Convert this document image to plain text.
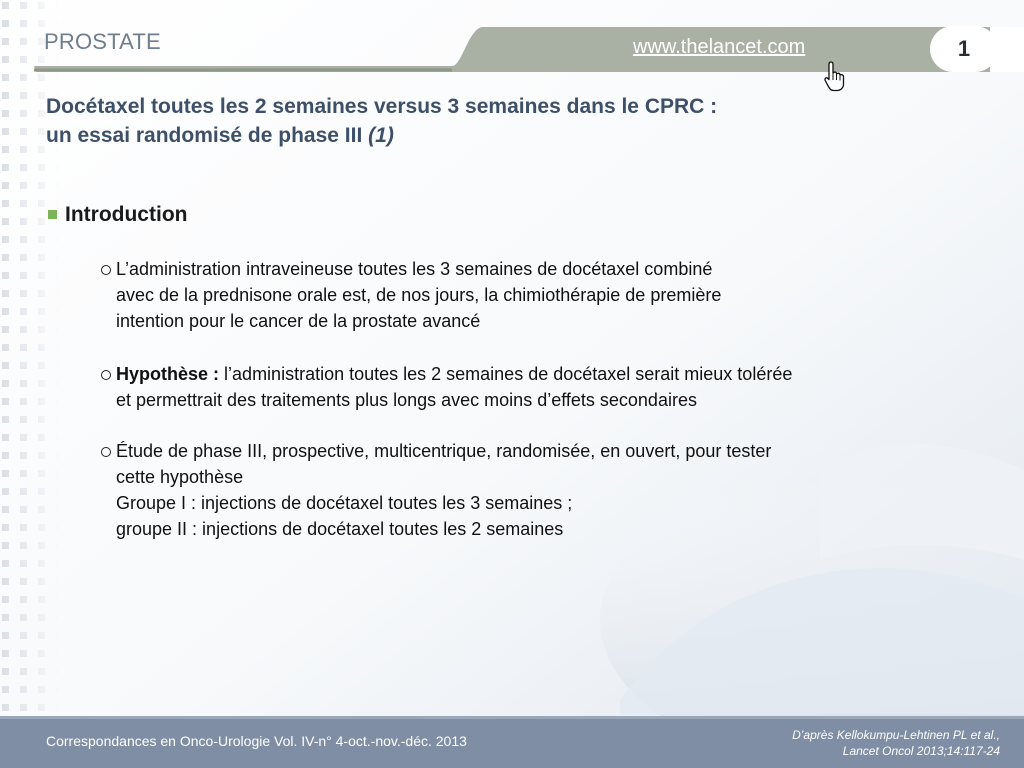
PROSTATE	www.thelancet.com	1
Docétaxel toutes les 2 semaines versus 3 semaines dans le CPRC :
un essai randomisé de phase III (1)
Introduction
L’administration intraveineuse toutes les 3 semaines de docétaxel combiné
avec de la prednisone orale est, de nos jours, la chimiothérapie de première
intention pour le cancer de la prostate avancé
Hypothèse : l’administration toutes les 2 semaines de docétaxel serait mieux tolérée
et permettrait des traitements plus longs avec moins d’effets secondaires
Étude de phase III, prospective, multicentrique, randomisée, en ouvert, pour tester
cette hypothèse
Groupe I : injections de docétaxel toutes les 3 semaines ;
groupe II : injections de docétaxel toutes les 2 semaines
Correspondances en Onco-Urologie Vol. IV-n° 4-oct.-nov.-déc. 2013	D’après Kellokumpu-Lehtinen PL et al.,
Lancet Oncol 2013;14:117-24
